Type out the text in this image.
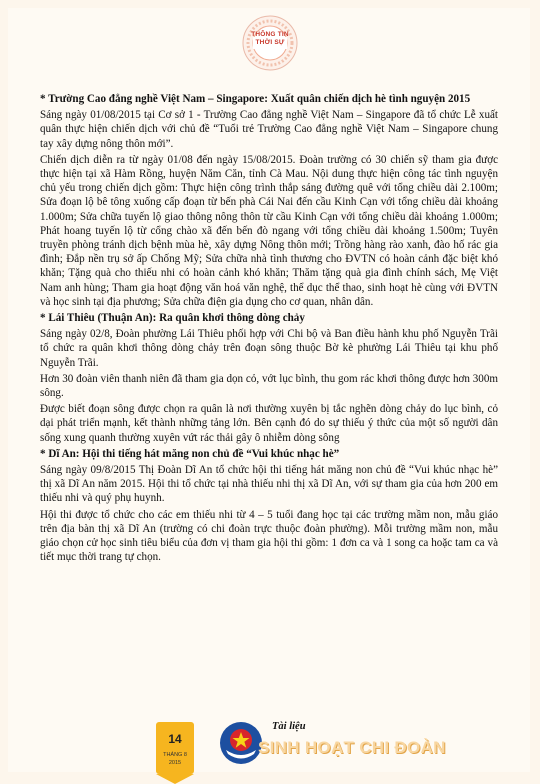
THÔNG TIN
THỜI SỰ
* Trường Cao đẳng nghề Việt Nam – Singapore: Xuất quân chiến dịch hè tình nguyện 2015

Sáng ngày 01/08/2015 tại Cơ sở 1 - Trường Cao đẳng nghề Việt Nam – Singapore đã tổ chức Lễ xuất quân thực hiện chiến dịch với chủ đề “Tuổi trẻ Trường Cao đẳng nghề Việt Nam – Singapore chung tay xây dựng nông thôn mới”.

Chiến dịch diễn ra từ ngày 01/08 đến ngày 15/08/2015. Đoàn trường có 30 chiến sỹ tham gia được thực hiện tại xã Hàm Rồng, huyện Năm Căn, tỉnh Cà Mau. Nội dung thực hiện công tác tình nguyện chủ yếu trong chiến dịch gồm: Thực hiện công trình thắp sáng đường quê với tổng chiều dài 2.100m; Sửa đoạn lộ bê tông xuống cấp đoạn từ bến phà Cái Nai đến cầu Kinh Cạn với tổng chiều dài khoảng 1.000m; Sửa chữa tuyến lộ giao thông nông thôn từ cầu Kinh Cạn với tổng chiều dài khoảng 1.000m; Phát hoang tuyến lộ từ cổng chào xã đến bến đò ngang với tổng chiều dài khoảng 1.500m; Tuyên truyền phòng tránh dịch bệnh mùa hè, xây dựng Nông thôn mới; Trồng hàng rào xanh, đào hố rác gia đình; Đắp nền trụ sở ấp Chống Mỹ; Sửa chữa nhà tình thương cho ĐVTN có hoàn cảnh đặc biệt khó khăn; Tặng quà cho thiếu nhi có hoàn cảnh khó khăn; Thăm tặng quà gia đình chính sách, Mẹ Việt Nam anh hùng; Tham gia hoạt động văn hoá văn nghệ, thể dục thể thao, sinh hoạt hè cùng với ĐVTN và học sinh tại địa phương; Sửa chữa điện gia dụng cho cơ quan, nhân dân.

* Lái Thiêu (Thuận An): Ra quân khơi thông dòng chảy

Sáng ngày 02/8, Đoàn phường Lái Thiêu phối hợp với Chi bộ và Ban điều hành khu phố Nguyễn Trãi tổ chức ra quân khơi thông dòng chảy trên đoạn sông thuộc Bờ kè phường Lái Thiêu tại khu phố Nguyễn Trãi.

Hơn 30 đoàn viên thanh niên đã tham gia dọn cỏ, vớt lục bình, thu gom rác khơi thông được hơn 300m sông.

Được biết đoạn sông được chọn ra quân là nơi thường xuyên bị tắc nghẽn dòng chảy do lục bình, cỏ dại phát triển mạnh, kết thành những tảng lớn. Bên cạnh đó do sự thiếu ý thức của một số người dân sống xung quanh thường xuyên vứt rác thải gây ô nhiễm dòng sông

* Dĩ An: Hội thi tiếng hát măng non chủ đề “Vui khúc nhạc hè”

Sáng ngày 09/8/2015 Thị Đoàn Dĩ An tổ chức hội thi tiếng hát măng non chủ đề “Vui khúc nhạc hè” thị xã Dĩ An năm 2015. Hội thi tổ chức tại nhà thiếu nhi thị xã Dĩ An, với sự tham gia của hơn 200 em thiếu nhi và quý phụ huynh.

Hội thi được tổ chức cho các em thiếu nhi từ 4 – 5 tuổi đang học tại các trường mầm non, mẫu giáo trên địa bàn thị xã Dĩ An (trường có chi đoàn trực thuộc đoàn phường). Mỗi trường mầm non, mẫu giáo chọn cử học sinh tiêu biểu của đơn vị tham gia hội thi gồm: 1 đơn ca và 1 song ca hoặc tam ca và tiết mục thời trang tự chọn.

14
THÁNG 8
2015
Tài liệu
SINH HOẠT CHI ĐOÀN
